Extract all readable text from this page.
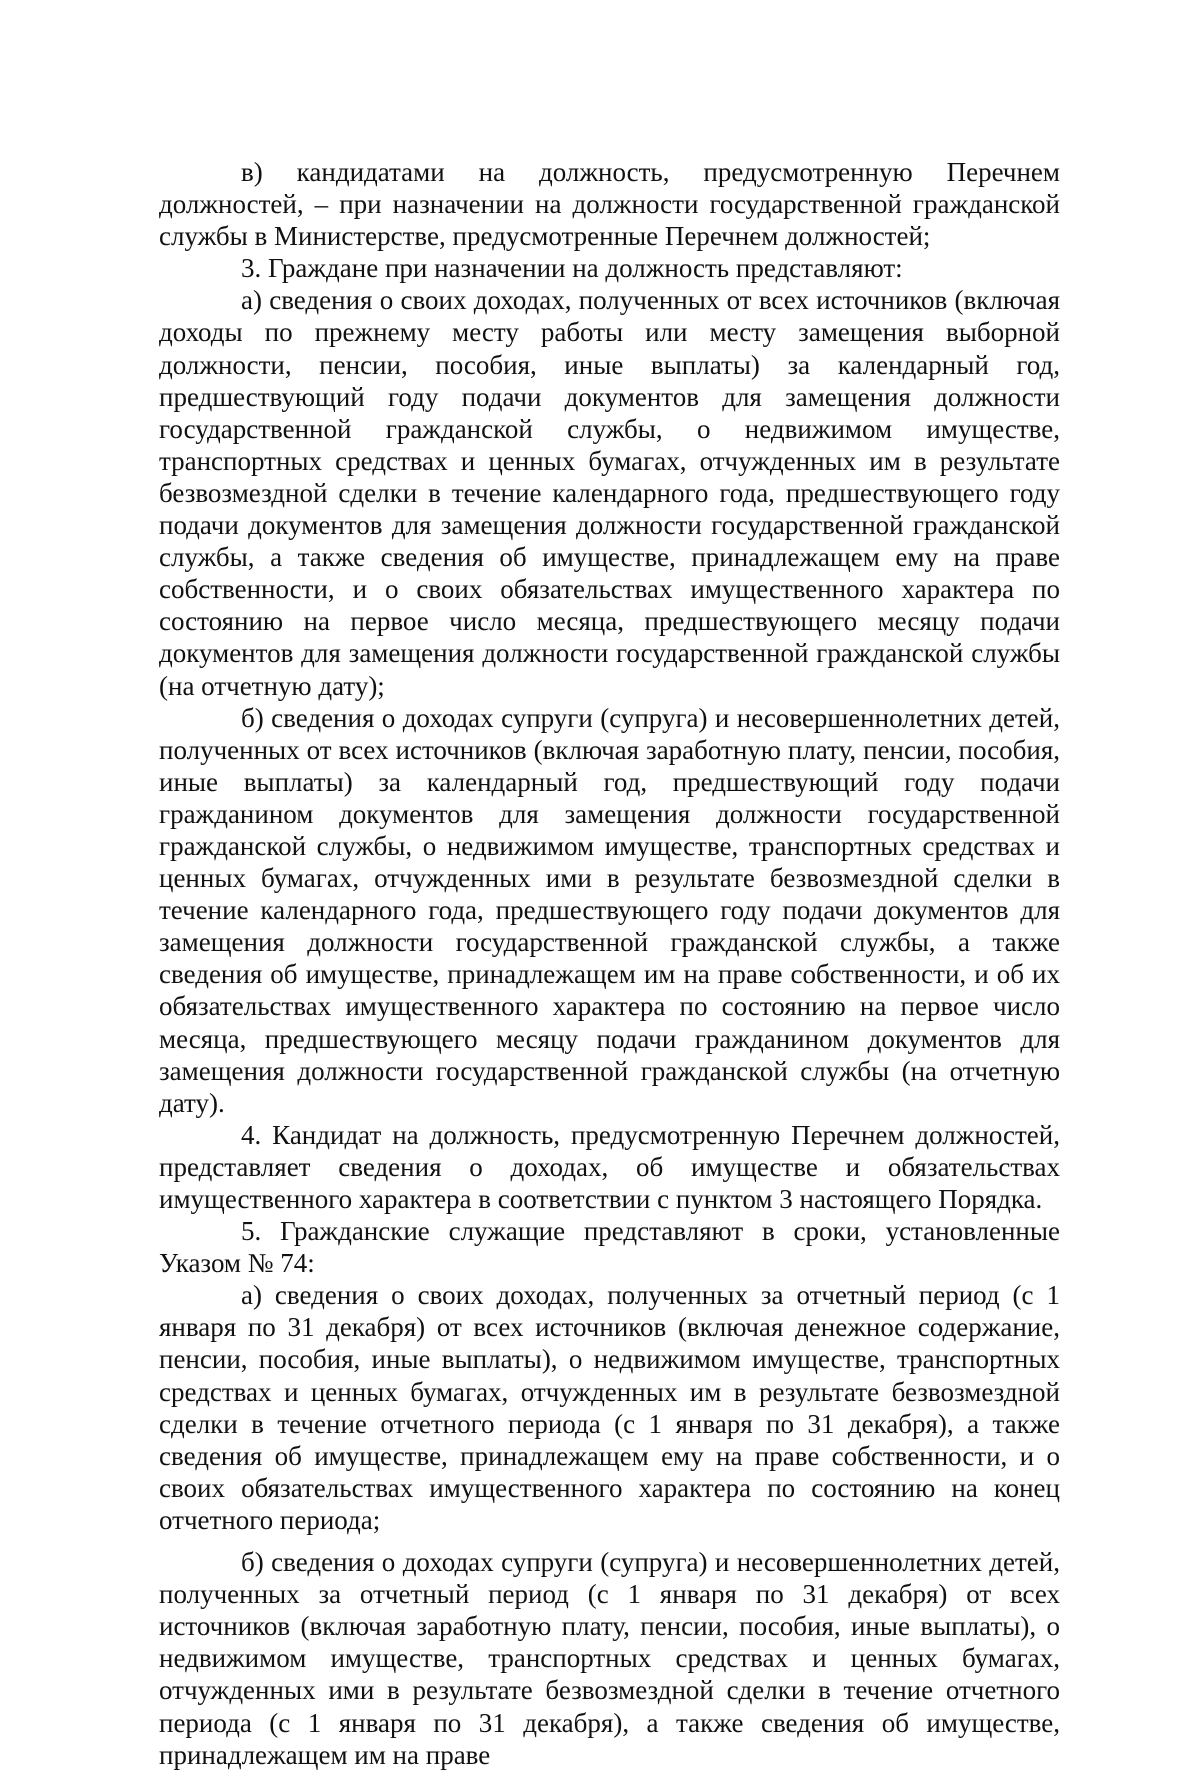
в) кандидатами на должность, предусмотренную Перечнем должностей, – при назначении на должности государственной гражданской службы в Министерстве, предусмотренные Перечнем должностей;

3. Граждане при назначении на должность представляют:

а) сведения о своих доходах, полученных от всех источников (включая доходы по прежнему месту работы или месту замещения выборной должности, пенсии, пособия, иные выплаты) за календарный год, предшествующий году подачи документов для замещения должности государственной гражданской службы, о недвижимом имуществе, транспортных средствах и ценных бумагах, отчужденных им в результате безвозмездной сделки в течение календарного года, предшествующего году подачи документов для замещения должности государственной гражданской службы, а также сведения об имуществе, принадлежащем ему на праве собственности, и о своих обязательствах имущественного характера по состоянию на первое число месяца, предшествующего месяцу подачи документов для замещения должности государственной гражданской службы (на отчетную дату);

б) сведения о доходах супруги (супруга) и несовершеннолетних детей, полученных от всех источников (включая заработную плату, пенсии, пособия, иные выплаты) за календарный год, предшествующий году подачи гражданином документов для замещения должности государственной гражданской службы, о недвижимом имуществе, транспортных средствах и ценных бумагах, отчужденных ими в результате безвозмездной сделки в течение календарного года, предшествующего году подачи документов для замещения должности государственной гражданской службы, а также сведения об имуществе, принадлежащем им на праве собственности, и об их обязательствах имущественного характера по состоянию на первое число месяца, предшествующего месяцу подачи гражданином документов для замещения должности государственной гражданской службы (на отчетную дату).

4. Кандидат на должность, предусмотренную Перечнем должностей, представляет сведения о доходах, об имуществе и обязательствах имущественного характера в соответствии с пунктом 3 настоящего Порядка.

5. Гражданские служащие представляют в сроки, установленные Указом № 74:

а) сведения о своих доходах, полученных за отчетный период (с 1 января по 31 декабря) от всех источников (включая денежное содержание, пенсии, пособия, иные выплаты), о недвижимом имуществе, транспортных средствах и ценных бумагах, отчужденных им в результате безвозмездной сделки в течение отчетного периода (с 1 января по 31 декабря), а также сведения об имуществе, принадлежащем ему на праве собственности, и о своих обязательствах имущественного характера по состоянию на конец отчетного периода;

б) сведения о доходах супруги (супруга) и несовершеннолетних детей, полученных за отчетный период (с 1 января по 31 декабря) от всех источников (включая заработную плату, пенсии, пособия, иные выплаты), о недвижимом имуществе, транспортных средствах и ценных бумагах, отчужденных ими в результате безвозмездной сделки в течение отчетного периода (с 1 января по 31 декабря), а также сведения об имуществе, принадлежащем им на праве
